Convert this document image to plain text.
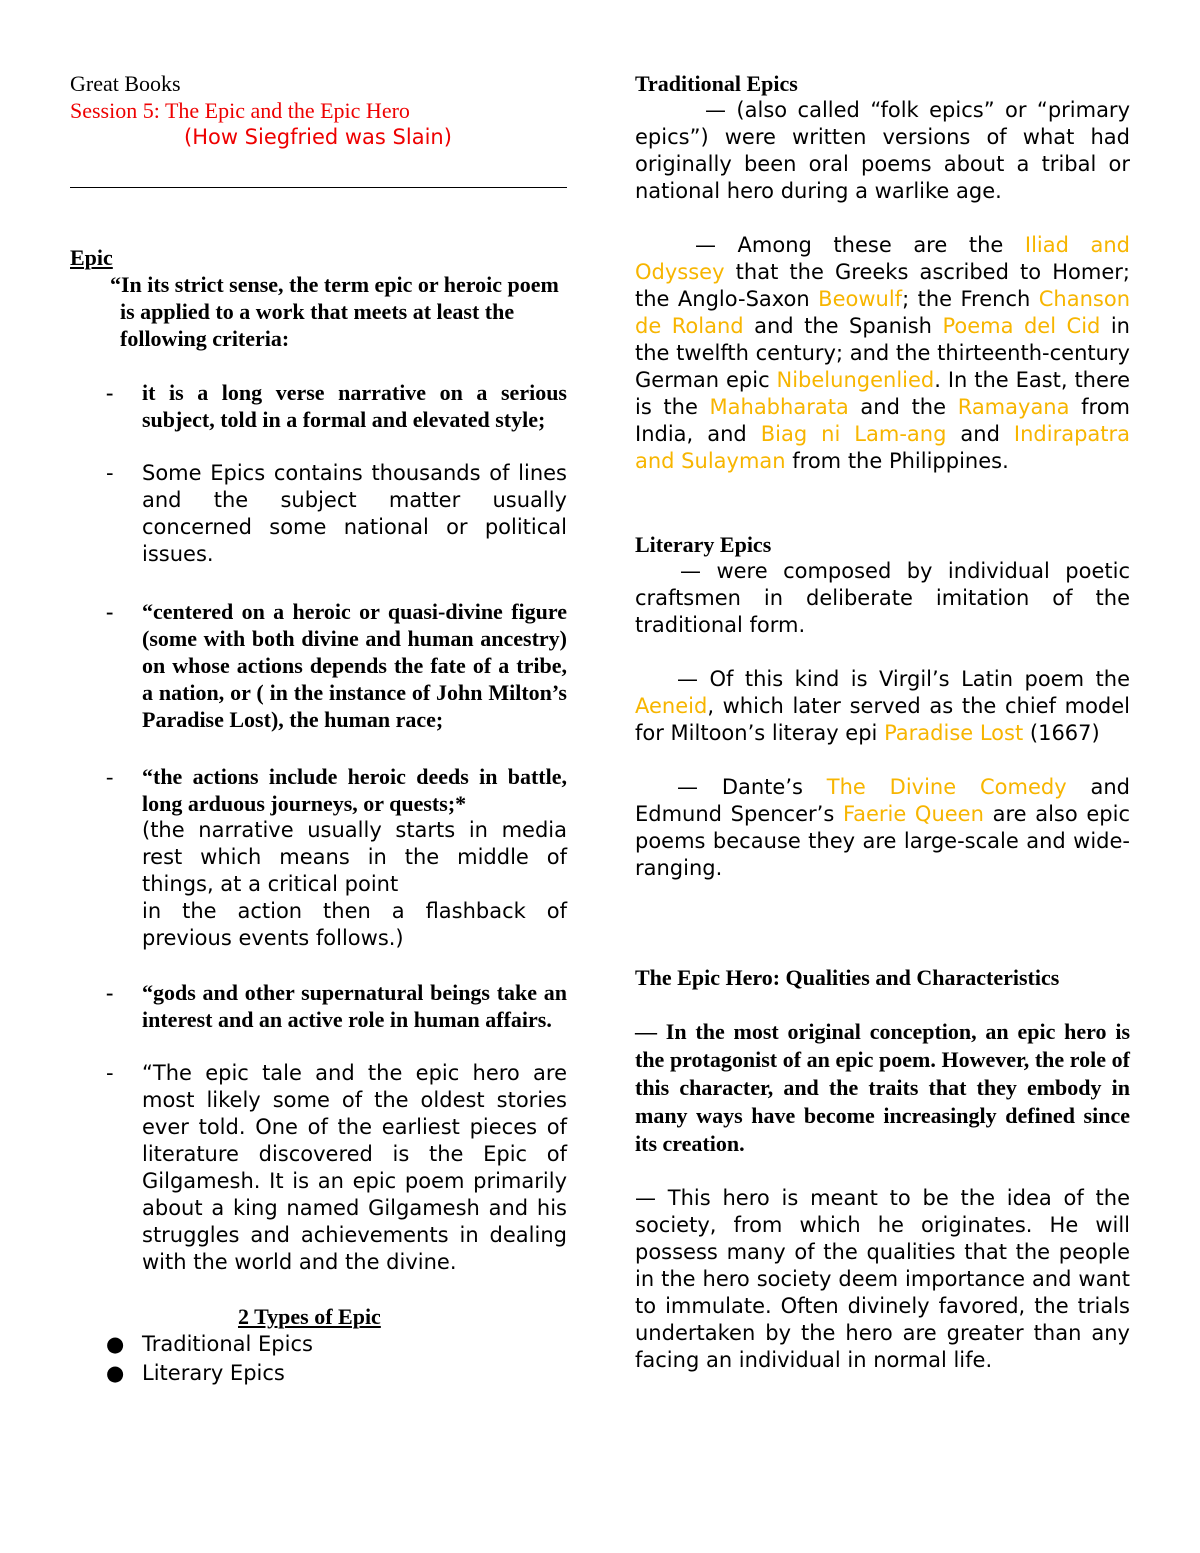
Great Books

Session 5: The Epic and the Epic Hero

(How Siegfried was Slain)

Epic

“In its strict sense, the term epic or heroic poem is applied to a work that meets at least the following criteria:

- it is a long verse narrative on a serious subject, told in a formal and elevated style;
- Some Epics contains thousands of lines and the subject matter usually concerned some national or political issues.
- “centered on a heroic or quasi-divine figure (some with both divine and human ancestry) on whose actions depends the fate of a tribe, a nation, or ( in the instance of John Milton’s Paradise Lost), the human race;
- “the actions include heroic deeds in battle, long arduous journeys, or quests;*

(the narrative usually starts in media rest which means in the middle of things, at a critical point

in the action then a flashback of previous events follows.)

- “gods and other supernatural beings take an interest and an active role in human affairs.
- “The epic tale and the epic hero are most likely some of the oldest stories ever told. One of the earliest pieces of literature discovered is the Epic of Gilgamesh. It is an epic poem primarily about a king named Gilgamesh and his struggles and achievements in dealing with the world and the divine.

2 Types of Epic

● Traditional Epics
● Literary Epics

Traditional Epics

— (also called “folk epics” or “primary epics”) were written versions of what had originally been oral poems about a tribal or national hero during a warlike age.

— Among these are the Iliad and Odyssey that the Greeks ascribed to Homer; the Anglo-Saxon Beowulf; the French Chanson de Roland and the Spanish Poema del Cid in the twelfth century; and the thirteenth-century German epic Nibelungenlied. In the East, there is the Mahabharata and the Ramayana from India, and Biag ni Lam-ang and Indirapatra and Sulayman from the Philippines.

Literary Epics

— were composed by individual poetic craftsmen in deliberate imitation of the traditional form.

— Of this kind is Virgil’s Latin poem the Aeneid, which later served as the chief model for Miltoon’s literay epi Paradise Lost (1667)

— Dante’s The Divine Comedy and Edmund Spencer’s Faerie Queen are also epic poems because they are large-scale and wide-ranging.

The Epic Hero: Qualities and Characteristics

— In the most original conception, an epic hero is the protagonist of an epic poem. However, the role of this character, and the traits that they embody in many ways have become increasingly defined since its creation.

— This hero is meant to be the idea of the society, from which he originates. He will possess many of the qualities that the people in the hero society deem importance and want to immulate. Often divinely favored, the trials undertaken by the hero are greater than any facing an individual in normal life.
